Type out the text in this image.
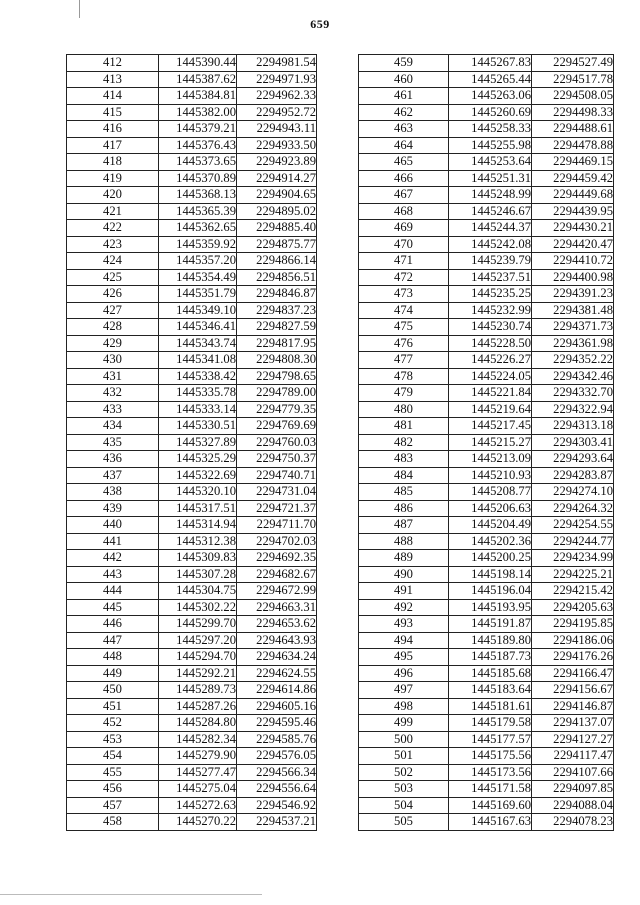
659
412	1445390.44	2294981.54
413	1445387.62	2294971.93
414	1445384.81	2294962.33
415	1445382.00	2294952.72
416	1445379.21	2294943.11
417	1445376.43	2294933.50
418	1445373.65	2294923.89
419	1445370.89	2294914.27
420	1445368.13	2294904.65
421	1445365.39	2294895.02
422	1445362.65	2294885.40
423	1445359.92	2294875.77
424	1445357.20	2294866.14
425	1445354.49	2294856.51
426	1445351.79	2294846.87
427	1445349.10	2294837.23
428	1445346.41	2294827.59
429	1445343.74	2294817.95
430	1445341.08	2294808.30
431	1445338.42	2294798.65
432	1445335.78	2294789.00
433	1445333.14	2294779.35
434	1445330.51	2294769.69
435	1445327.89	2294760.03
436	1445325.29	2294750.37
437	1445322.69	2294740.71
438	1445320.10	2294731.04
439	1445317.51	2294721.37
440	1445314.94	2294711.70
441	1445312.38	2294702.03
442	1445309.83	2294692.35
443	1445307.28	2294682.67
444	1445304.75	2294672.99
445	1445302.22	2294663.31
446	1445299.70	2294653.62
447	1445297.20	2294643.93
448	1445294.70	2294634.24
449	1445292.21	2294624.55
450	1445289.73	2294614.86
451	1445287.26	2294605.16
452	1445284.80	2294595.46
453	1445282.34	2294585.76
454	1445279.90	2294576.05
455	1445277.47	2294566.34
456	1445275.04	2294556.64
457	1445272.63	2294546.92
458	1445270.22	2294537.21
459	1445267.83	2294527.49
460	1445265.44	2294517.78
461	1445263.06	2294508.05
462	1445260.69	2294498.33
463	1445258.33	2294488.61
464	1445255.98	2294478.88
465	1445253.64	2294469.15
466	1445251.31	2294459.42
467	1445248.99	2294449.68
468	1445246.67	2294439.95
469	1445244.37	2294430.21
470	1445242.08	2294420.47
471	1445239.79	2294410.72
472	1445237.51	2294400.98
473	1445235.25	2294391.23
474	1445232.99	2294381.48
475	1445230.74	2294371.73
476	1445228.50	2294361.98
477	1445226.27	2294352.22
478	1445224.05	2294342.46
479	1445221.84	2294332.70
480	1445219.64	2294322.94
481	1445217.45	2294313.18
482	1445215.27	2294303.41
483	1445213.09	2294293.64
484	1445210.93	2294283.87
485	1445208.77	2294274.10
486	1445206.63	2294264.32
487	1445204.49	2294254.55
488	1445202.36	2294244.77
489	1445200.25	2294234.99
490	1445198.14	2294225.21
491	1445196.04	2294215.42
492	1445193.95	2294205.63
493	1445191.87	2294195.85
494	1445189.80	2294186.06
495	1445187.73	2294176.26
496	1445185.68	2294166.47
497	1445183.64	2294156.67
498	1445181.61	2294146.87
499	1445179.58	2294137.07
500	1445177.57	2294127.27
501	1445175.56	2294117.47
502	1445173.56	2294107.66
503	1445171.58	2294097.85
504	1445169.60	2294088.04
505	1445167.63	2294078.23
